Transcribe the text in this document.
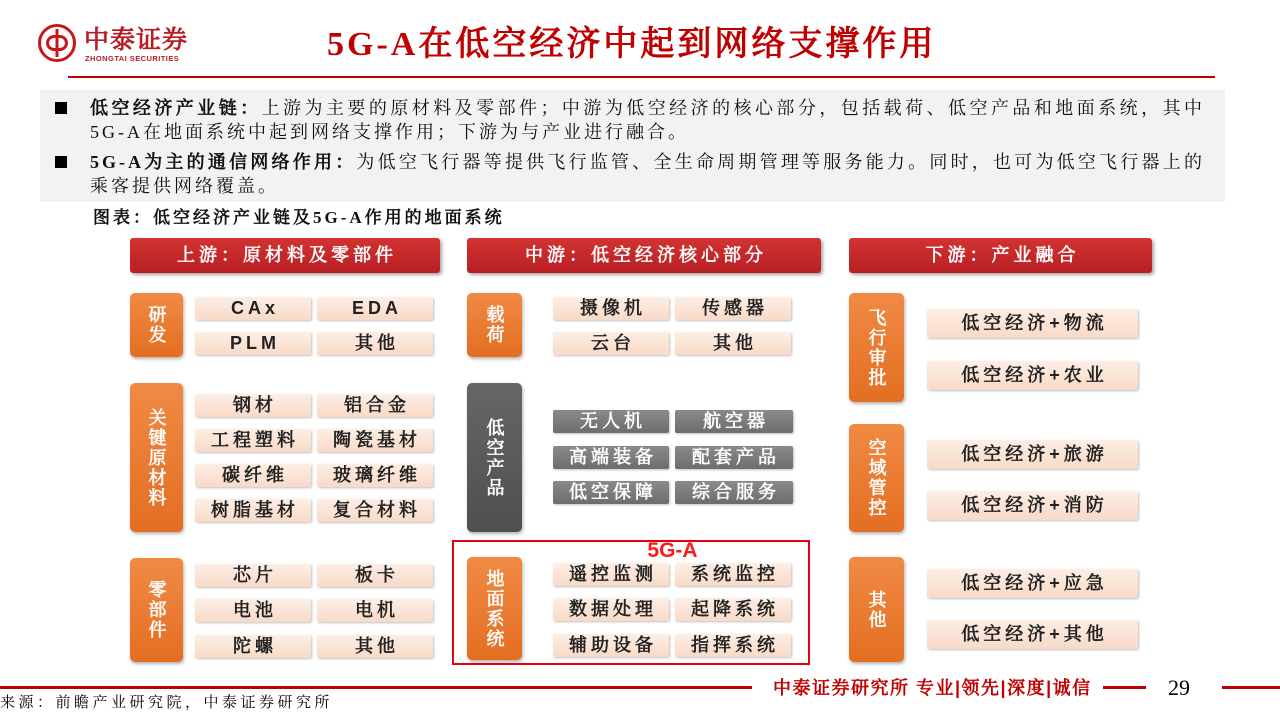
中泰证券
ZHONGTAI SECURITIES	5G-A在低空经济中起到网络支撑作用
低空经济产业链：上游为主要的原材料及零部件；中游为低空经济的核心部分，包括载荷、低空产品和地面系统，其中5G-A在地面系统中起到网络支撑作用；下游为与产业进行融合。
5G-A为主的通信网络作用：为低空飞行器等提供飞行监管、全生命周期管理等服务能力。同时，也可为低空飞行器上的乘客提供网络覆盖。
图表：低空经济产业链及5G-A作用的地面系统
上游：原材料及零部件	中游：低空经济核心部分	下游：产业融合
研发	CAx	EDA
PLM	其他
关键原材料
钢材	铝合金
工程塑料	陶瓷基材
碳纤维	玻璃纤维
树脂基材	复合材料
零部件
芯片	板卡
电池	电机
陀螺	其他
载荷	摄像机	传感器
云台	其他
低空产品	无人机	航空器
高端装备	配套产品
低空保障	综合服务
5G-A
地面系统	遥控监测	系统监控
数据处理	起降系统
辅助设备	指挥系统
飞行审批	低空经济+物流
低空经济+农业
空域管控	低空经济+旅游
低空经济+消防
其他
低空经济+应急
低空经济+其他
中泰证券研究所 专业|领先|深度|诚信	29
来源：前瞻产业研究院，中泰证券研究所
